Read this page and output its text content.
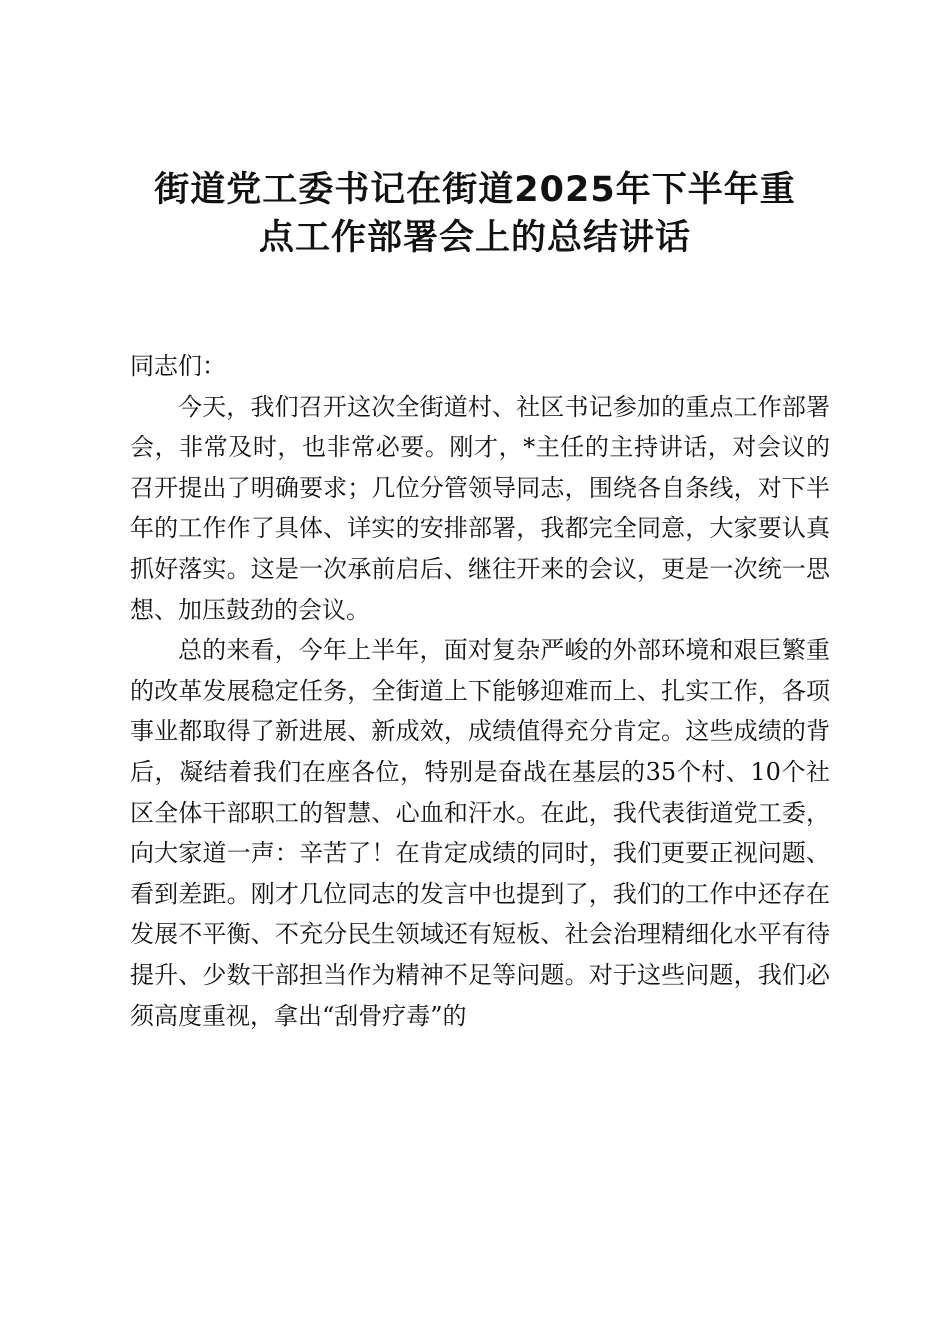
街道党工委书记在街道2025年下半年重
点工作部署会上的总结讲话

同志们：

今天，我们召开这次全街道村、社区书记参加的重点工作部署会，非常及时，也非常必要。刚才，*主任的主持讲话，对会议的召开提出了明确要求；几位分管领导同志，围绕各自条线，对下半年的工作作了具体、详实的安排部署，我都完全同意，大家要认真抓好落实。这是一次承前启后、继往开来的会议，更是一次统一思想、加压鼓劲的会议。

总的来看，今年上半年，面对复杂严峻的外部环境和艰巨繁重的改革发展稳定任务，全街道上下能够迎难而上、扎实工作，各项事业都取得了新进展、新成效，成绩值得充分肯定。这些成绩的背后，凝结着我们在座各位，特别是奋战在基层的35个村、10个社区全体干部职工的智慧、心血和汗水。在此，我代表街道党工委，向大家道一声：辛苦了！在肯定成绩的同时，我们更要正视问题、看到差距。刚才几位同志的发言中也提到了，我们的工作中还存在发展不平衡、不充分民生领域还有短板、社会治理精细化水平有待提升、少数干部担当作为精神不足等问题。对于这些问题，我们必须高度重视，拿出“刮骨疗毒”的
